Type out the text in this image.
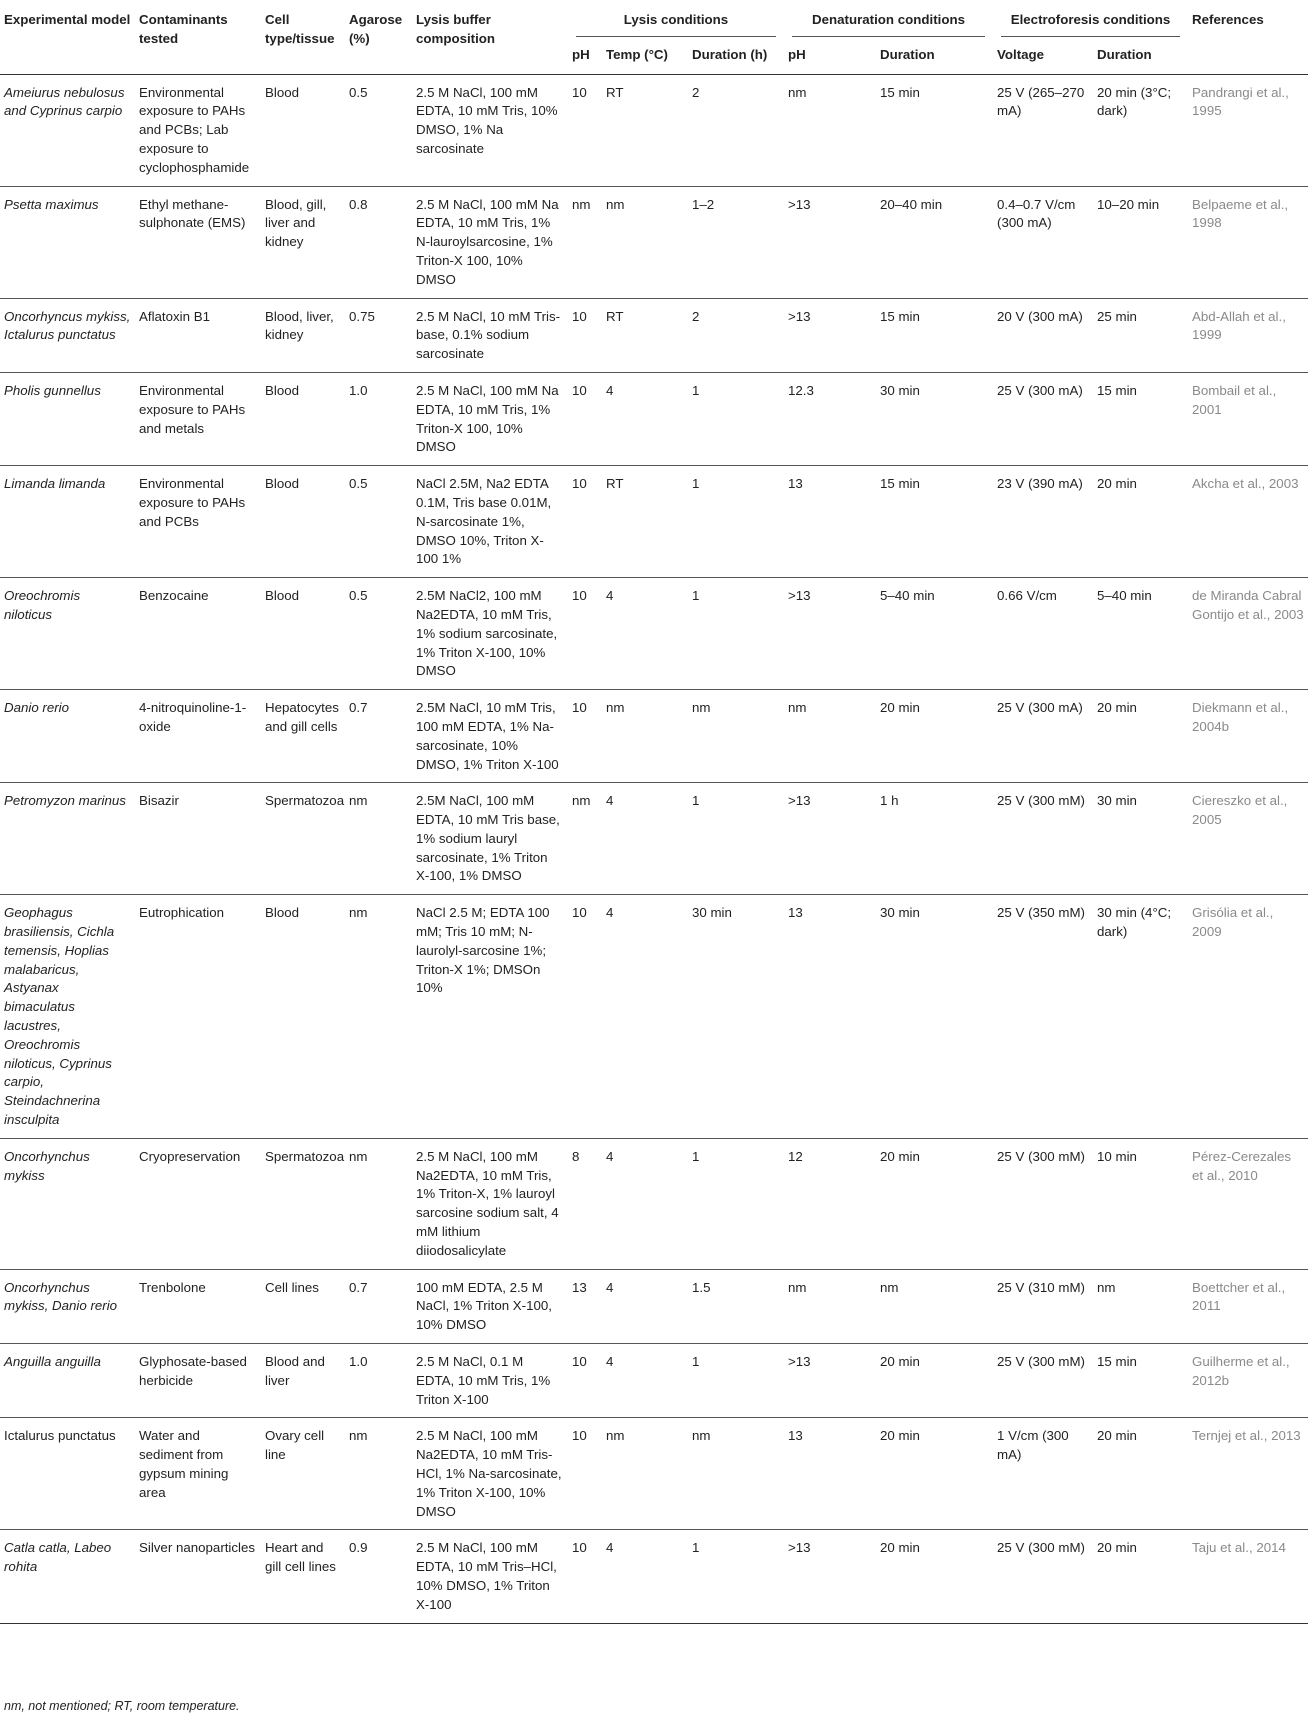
Experimental model	Contaminants tested	Cell type/tissue	Agarose (%)	Lysis buffer composition	Lysis conditions			Denaturation conditions		Electroforesis conditions		References
					pH	Temp (°C)	Duration (h)	pH	Duration	Voltage	Duration	
Ameiurus nebulosus and Cyprinus carpio	Environmental exposure to PAHs and PCBs; Lab exposure to cyclophosphamide	Blood	0.5	2.5 M NaCl, 100 mM EDTA, 10 mM Tris, 10% DMSO, 1% Na sarcosinate	10	RT	2	nm	15 min	25 V (265–270 mA)	20 min (3°C; dark)	Pandrangi et al., 1995
Psetta maximus	Ethyl methane-sulphonate (EMS)	Blood, gill, liver and kidney	0.8	2.5 M NaCl, 100 mM Na EDTA, 10 mM Tris, 1% N-lauroylsarcosine, 1% Triton-X 100, 10% DMSO	nm	nm	1–2	>13	20–40 min	0.4–0.7 V/cm (300 mA)	10–20 min	Belpaeme et al., 1998
Oncorhyncus mykiss, Ictalurus punctatus	Aflatoxin B1	Blood, liver, kidney	0.75	2.5 M NaCl, 10 mM Tris-base, 0.1% sodium sarcosinate	10	RT	2	>13	15 min	20 V (300 mA)	25 min	Abd-Allah et al., 1999
Pholis gunnellus	Environmental exposure to PAHs and metals	Blood	1.0	2.5 M NaCl, 100 mM Na EDTA, 10 mM Tris, 1% Triton-X 100, 10% DMSO	10	4	1	12.3	30 min	25 V (300 mA)	15 min	Bombail et al., 2001
Limanda limanda	Environmental exposure to PAHs and PCBs	Blood	0.5	NaCl 2.5M, Na2 EDTA 0.1M, Tris base 0.01M, N-sarcosinate 1%, DMSO 10%, Triton X-100 1%	10	RT	1	13	15 min	23 V (390 mA)	20 min	Akcha et al., 2003
Oreochromis niloticus	Benzocaine	Blood	0.5	2.5M NaCl2, 100 mM Na2EDTA, 10 mM Tris, 1% sodium sarcosinate, 1% Triton X-100, 10% DMSO	10	4	1	>13	5–40 min	0.66 V/cm	5–40 min	de Miranda Cabral Gontijo et al., 2003
Danio rerio	4-nitroquinoline-1-oxide	Hepatocytes and gill cells	0.7	2.5M NaCl, 10 mM Tris, 100 mM EDTA, 1% Na-sarcosinate, 10% DMSO, 1% Triton X-100	10	nm	nm	nm	20 min	25 V (300 mA)	20 min	Diekmann et al., 2004b
Petromyzon marinus	Bisazir	Spermatozoa	nm	2.5M NaCl, 100 mM EDTA, 10 mM Tris base, 1% sodium lauryl sarcosinate, 1% Triton X-100, 1% DMSO	nm	4	1	>13	1 h	25 V (300 mM)	30 min	Ciereszko et al., 2005
Geophagus brasiliensis, Cichla temensis, Hoplias malabaricus, Astyanax bimaculatus lacustres, Oreochromis niloticus, Cyprinus carpio, Steindachnerina insculpita	Eutrophication	Blood	nm	NaCl 2.5 M; EDTA 100 mM; Tris 10 mM; N-laurolyl-sarcosine 1%; Triton-X 1%; DMSOn 10%	10	4	30 min	13	30 min	25 V (350 mM)	30 min (4°C; dark)	Grisólia et al., 2009
Oncorhynchus mykiss	Cryopreservation	Spermatozoa	nm	2.5 M NaCl, 100 mM Na2EDTA, 10 mM Tris, 1% Triton-X, 1% lauroyl sarcosine sodium salt, 4 mM lithium diiodosalicylate	8	4	1	12	20 min	25 V (300 mM)	10 min	Pérez-Cerezales et al., 2010
Oncorhynchus mykiss, Danio rerio	Trenbolone	Cell lines	0.7	100 mM EDTA, 2.5 M NaCl, 1% Triton X-100, 10% DMSO	13	4	1.5	nm	nm	25 V (310 mM)	nm	Boettcher et al., 2011
Anguilla anguilla	Glyphosate-based herbicide	Blood and liver	1.0	2.5 M NaCl, 0.1 M EDTA, 10 mM Tris, 1% Triton X-100	10	4	1	>13	20 min	25 V (300 mM)	15 min	Guilherme et al., 2012b
Ictalurus punctatus	Water and sediment from gypsum mining area	Ovary cell line	nm	2.5 M NaCl, 100 mM Na2EDTA, 10 mM Tris-HCl, 1% Na-sarcosinate, 1% Triton X-100, 10% DMSO	10	nm	nm	13	20 min	1 V/cm (300 mA)	20 min	Ternjej et al., 2013
Catla catla, Labeo rohita	Silver nanoparticles	Heart and gill cell lines	0.9	2.5 M NaCl, 100 mM EDTA, 10 mM Tris–HCl, 10% DMSO, 1% Triton X-100	10	4	1	>13	20 min	25 V (300 mM)	20 min	Taju et al., 2014
nm, not mentioned; RT, room temperature.
